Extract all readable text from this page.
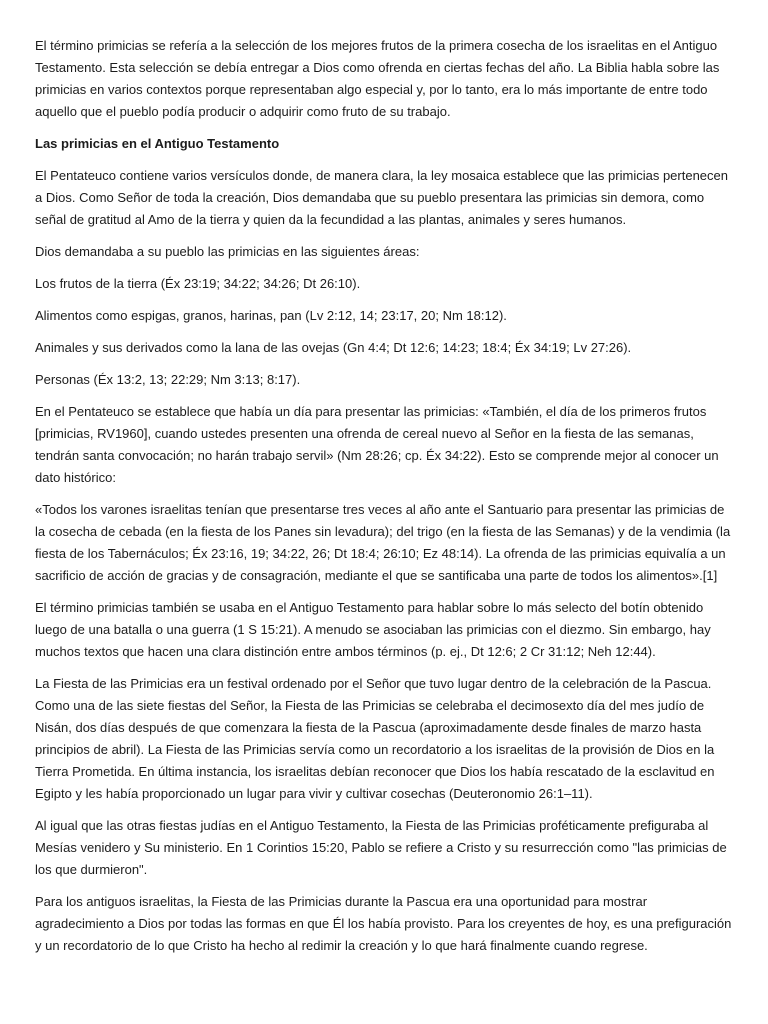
El término primicias se refería a la selección de los mejores frutos de la primera cosecha de los israelitas en el Antiguo Testamento. Esta selección se debía entregar a Dios como ofrenda en ciertas fechas del año. La Biblia habla sobre las primicias en varios contextos porque representaban algo especial y, por lo tanto, era lo más importante de entre todo aquello que el pueblo podía producir o adquirir como fruto de su trabajo.

Las primicias en el Antiguo Testamento

El Pentateuco contiene varios versículos donde, de manera clara, la ley mosaica establece que las primicias pertenecen a Dios. Como Señor de toda la creación, Dios demandaba que su pueblo presentara las primicias sin demora, como señal de gratitud al Amo de la tierra y quien da la fecundidad a las plantas, animales y seres humanos.

Dios demandaba a su pueblo las primicias en las siguientes áreas:

Los frutos de la tierra (Éx 23:19; 34:22; 34:26; Dt 26:10).

Alimentos como espigas, granos, harinas, pan (Lv 2:12, 14; 23:17, 20; Nm 18:12).

Animales y sus derivados como la lana de las ovejas (Gn 4:4; Dt 12:6; 14:23; 18:4; Éx 34:19; Lv 27:26).

Personas (Éx 13:2, 13; 22:29; Nm 3:13; 8:17).

En el Pentateuco se establece que había un día para presentar las primicias: «También, el día de los primeros frutos [primicias, RV1960], cuando ustedes presenten una ofrenda de cereal nuevo al Señor en la fiesta de las semanas, tendrán santa convocación; no harán trabajo servil» (Nm 28:26; cp. Éx 34:22). Esto se comprende mejor al conocer un dato histórico:

«Todos los varones israelitas tenían que presentarse tres veces al año ante el Santuario para presentar las primicias de la cosecha de cebada (en la fiesta de los Panes sin levadura); del trigo (en la fiesta de las Semanas) y de la vendimia (la fiesta de los Tabernáculos; Éx 23:16, 19; 34:22, 26; Dt 18:4; 26:10; Ez 48:14). La ofrenda de las primicias equivalía a un sacrificio de acción de gracias y de consagración, mediante el que se santificaba una parte de todos los alimentos».[1]

El término primicias también se usaba en el Antiguo Testamento para hablar sobre lo más selecto del botín obtenido luego de una batalla o una guerra (1 S 15:21). A menudo se asociaban las primicias con el diezmo. Sin embargo, hay muchos textos que hacen una clara distinción entre ambos términos (p. ej., Dt 12:6; 2 Cr 31:12; Neh 12:44).

La Fiesta de las Primicias era un festival ordenado por el Señor que tuvo lugar dentro de la celebración de la Pascua. Como una de las siete fiestas del Señor, la Fiesta de las Primicias se celebraba el decimosexto día del mes judío de Nisán, dos días después de que comenzara la fiesta de la Pascua (aproximadamente desde finales de marzo hasta principios de abril). La Fiesta de las Primicias servía como un recordatorio a los israelitas de la provisión de Dios en la Tierra Prometida. En última instancia, los israelitas debían reconocer que Dios los había rescatado de la esclavitud en Egipto y les había proporcionado un lugar para vivir y cultivar cosechas (Deuteronomio 26:1–11).

Al igual que las otras fiestas judías en el Antiguo Testamento, la Fiesta de las Primicias proféticamente prefiguraba al Mesías venidero y Su ministerio. En 1 Corintios 15:20, Pablo se refiere a Cristo y su resurrección como "las primicias de los que durmieron".

Para los antiguos israelitas, la Fiesta de las Primicias durante la Pascua era una oportunidad para mostrar agradecimiento a Dios por todas las formas en que Él los había provisto. Para los creyentes de hoy, es una prefiguración y un recordatorio de lo que Cristo ha hecho al redimir la creación y lo que hará finalmente cuando regrese.
